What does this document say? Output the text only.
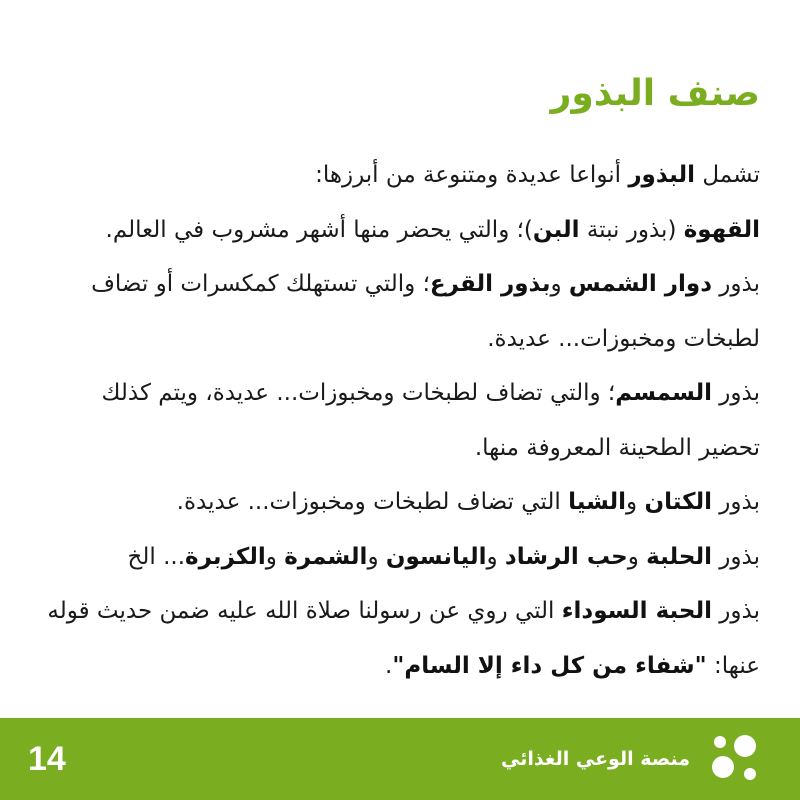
صنف البذور

تشمل البذور أنواعا عديدة ومتنوعة من أبرزها:

القهوة (بذور نبتة البن)؛ والتي يحضر منها أشهر مشروب في العالم.

بذور دوار الشمس وبذور القرع؛ والتي تستهلك كمكسرات أو تضاف لطبخات ومخبوزات... عديدة.

بذور السمسم؛ والتي تضاف لطبخات ومخبوزات... عديدة، ويتم كذلك تحضير الطحينة المعروفة منها.

بذور الكتان والشيا التي تضاف لطبخات ومخبوزات... عديدة.

بذور الحلبة وحب الرشاد واليانسون والشمرة والكزبرة... الخ

بذور الحبة السوداء التي روي عن رسولنا صلاة الله عليه ضمن حديث قوله عنها: "شفاء من كل داء إلا السام".

منصة الوعي الغذائي
14
